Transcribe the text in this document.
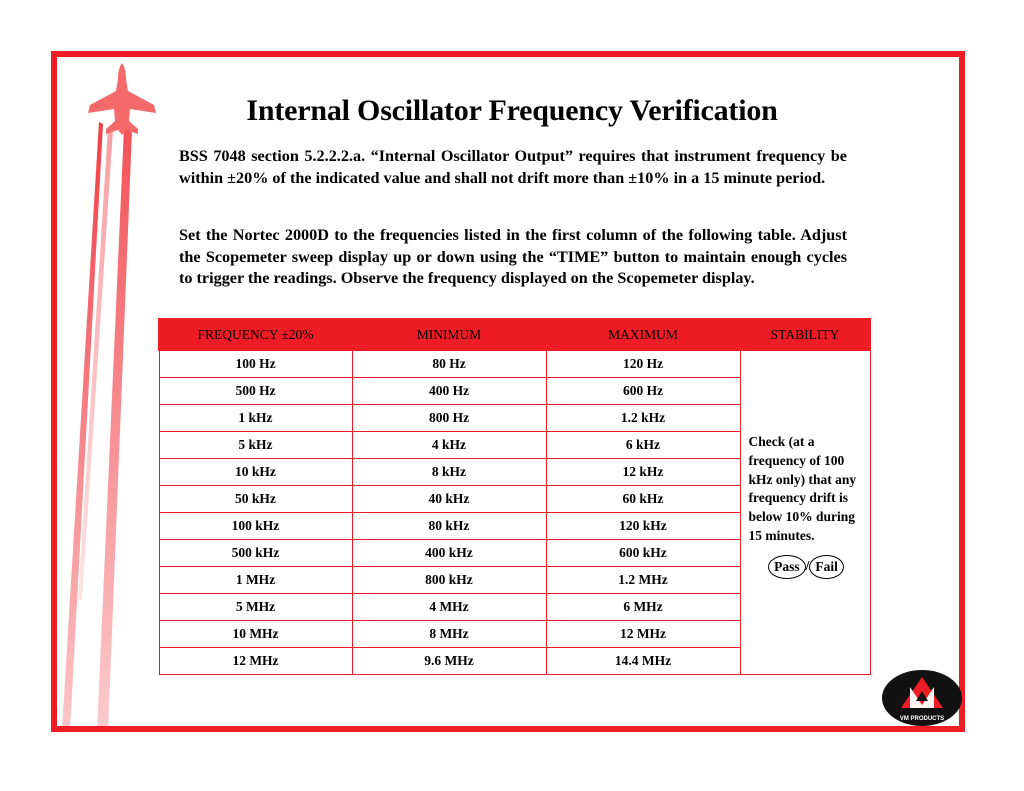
Internal Oscillator Frequency Verification
BSS 7048 section 5.2.2.2.a. “Internal Oscillator Output” requires that instrument frequency be within ±20% of the indicated value and shall not drift more than ±10% in a 15 minute period.
Set the Nortec 2000D to the frequencies listed in the first column of the following table. Adjust the Scopemeter sweep display up or down using the “TIME” button to maintain enough cycles to trigger the readings. Observe the frequency displayed on the Scopemeter display.
FREQUENCY ±20%	MINIMUM	MAXIMUM	STABILITY
100 Hz	80 Hz	120 Hz	Check (at a frequency of 100 kHz only) that any frequency drift is below 10% during 15 minutes.
Pass / Fail

500 Hz	400 Hz	600 Hz	
1 kHz	800 Hz	1.2 kHz	
5 kHz	4 kHz	6 kHz	
10 kHz	8 kHz	12 kHz	
50 kHz	40 kHz	60 kHz	
100 kHz	80 kHz	120 kHz	
500 kHz	400 kHz	600 kHz	
1 MHz	800 kHz	1.2 MHz	
5 MHz	4 MHz	6 MHz	
10 MHz	8 MHz	12 MHz	
12 MHz	9.6 MHz	14.4 MHz	
VM PRODUCTS
